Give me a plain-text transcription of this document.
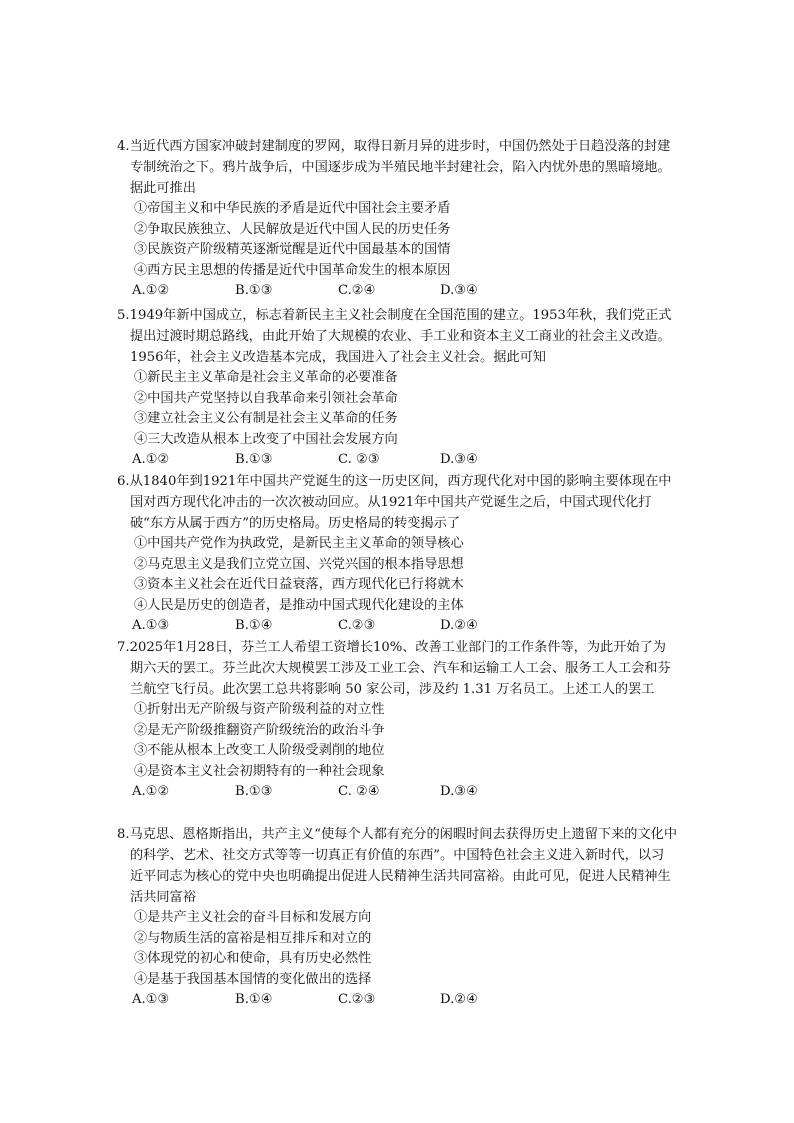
4.当近代西方国家冲破封建制度的罗网，取得日新月异的进步时，中国仍然处于日趋没落的封建专制统治之下。鸦片战争后，中国逐步成为半殖民地半封建社会，陷入内忧外患的黑暗境地。据此可推出

①帝国主义和中华民族的矛盾是近代中国社会主要矛盾

②争取民族独立、人民解放是近代中国人民的历史任务

③民族资产阶级精英逐渐觉醒是近代中国最基本的国情

④西方民主思想的传播是近代中国革命发生的根本原因

A.①②	B.①③	C.②④	D.③④

5.1949年新中国成立，标志着新民主主义社会制度在全国范围的建立。1953年秋，我们党正式提出过渡时期总路线，由此开始了大规模的农业、手工业和资本主义工商业的社会主义改造。1956年，社会主义改造基本完成，我国进入了社会主义社会。据此可知

①新民主主义革命是社会主义革命的必要准备

②中国共产党坚持以自我革命来引领社会革命

③建立社会主义公有制是社会主义革命的任务

④三大改造从根本上改变了中国社会发展方向

A.①②	B.①③	C. ②③	D.③④

6.从1840年到1921年中国共产党诞生的这一历史区间，西方现代化对中国的影响主要体现在中国对西方现代化冲击的一次次被动回应。从1921年中国共产党诞生之后，中国式现代化打破“东方从属于西方”的历史格局。历史格局的转变揭示了

①中国共产党作为执政党，是新民主主义革命的领导核心

②马克思主义是我们立党立国、兴党兴国的根本指导思想

③资本主义社会在近代日益衰落，西方现代化已行将就木

④人民是历史的创造者，是推动中国式现代化建设的主体

A.①③	B.①④	C.②③	D.②④

7.2025年1月28日，芬兰工人希望工资增长10%、改善工业部门的工作条件等，为此开始了为期六天的罢工。芬兰此次大规模罢工涉及工业工会、汽车和运输工人工会、服务工人工会和芬兰航空飞行员。此次罢工总共将影响 50 家公司，涉及约 1.31 万名员工。上述工人的罢工

①折射出无产阶级与资产阶级利益的对立性

②是无产阶级推翻资产阶级统治的政治斗争

③不能从根本上改变工人阶级受剥削的地位

④是资本主义社会初期特有的一种社会现象

A.①②	B.①③	C. ②④	D.③④

8.马克思、恩格斯指出，共产主义“使每个人都有充分的闲暇时间去获得历史上遗留下来的文化中的科学、艺术、社交方式等等一切真正有价值的东西”。中国特色社会主义进入新时代，以习近平同志为核心的党中央也明确提出促进人民精神生活共同富裕。由此可见，促进人民精神生活共同富裕

①是共产主义社会的奋斗目标和发展方向

②与物质生活的富裕是相互排斥和对立的

③体现党的初心和使命，具有历史必然性

④是基于我国基本国情的变化做出的选择

A.①③	B.①④	C.②③	D.②④
